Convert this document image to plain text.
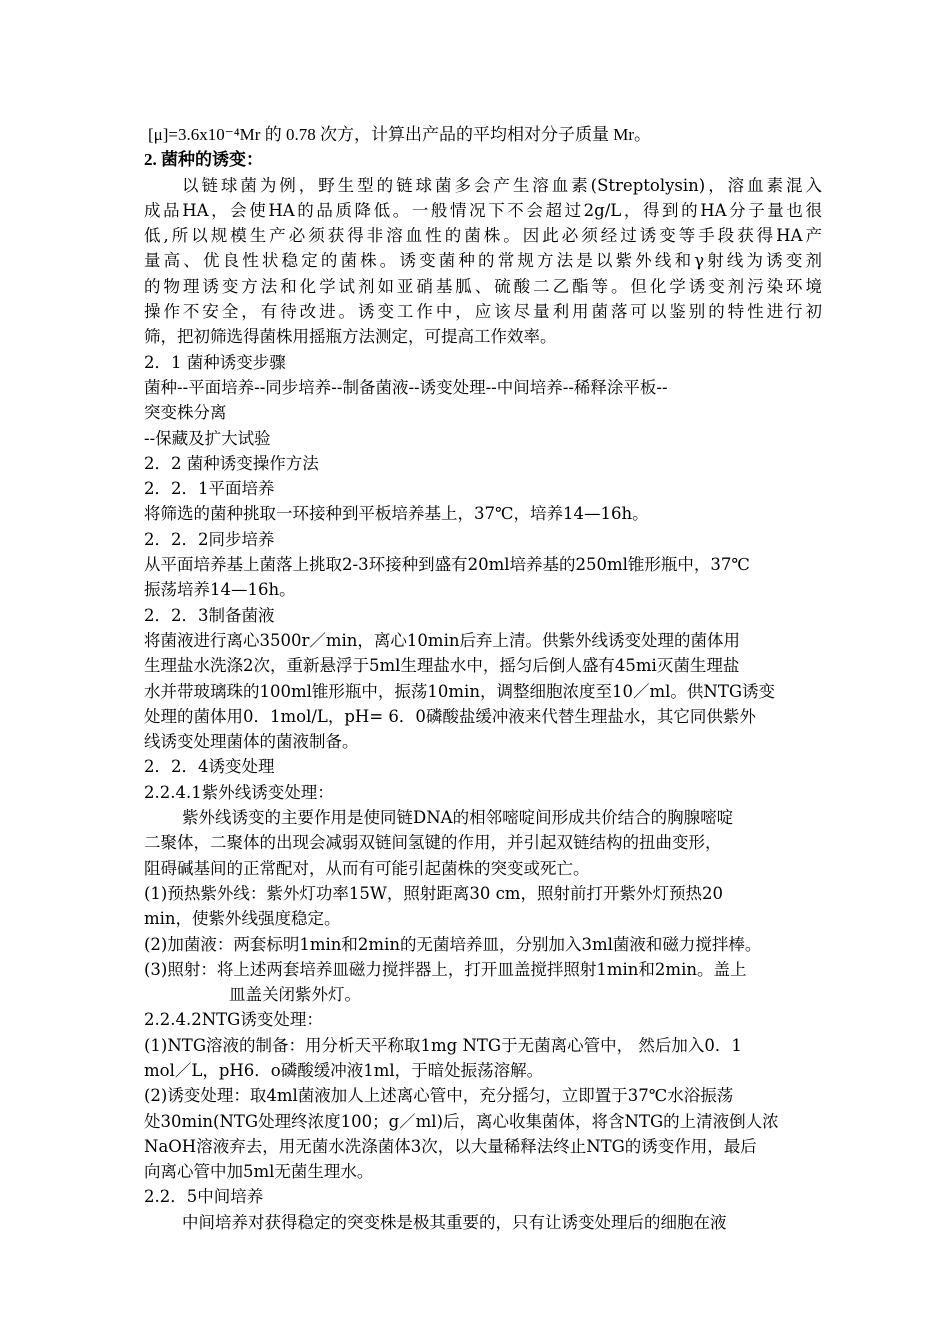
[μ]=3.6x10⁻⁴Mr 的 0.78 次方，计算出产品的平均相对分子质量 Mr。

2. 菌种的诱变：

以链球菌为例，野生型的链球菌多会产生溶血素(Streptolysin)，溶血素混入

成品HA，会使HA的品质降低。一般情况下不会超过2g/L，得到的HA分子量也很

低,所以规模生产必须获得非溶血性的菌株。因此必须经过诱变等手段获得HA产

量高、优良性状稳定的菌株。诱变菌种的常规方法是以紫外线和γ射线为诱变剂

的物理诱变方法和化学试剂如亚硝基胍、硫酸二乙酯等。但化学诱变剂污染环境

操作不安全，有待改进。诱变工作中，应该尽量利用菌落可以鉴别的特性进行初

筛，把初筛选得菌株用摇瓶方法测定，可提高工作效率。

2．1 菌种诱变步骤

菌种--平面培养--同步培养--制备菌液--诱变处理--中间培养--稀释涂平板--

突变株分离

--保藏及扩大试验

2．2 菌种诱变操作方法

2．2．1平面培养

将筛选的菌种挑取一环接种到平板培养基上，37℃，培养14—16h。

2．2．2同步培养

从平面培养基上菌落上挑取2-3环接种到盛有20ml培养基的250ml锥形瓶中，37℃

振荡培养14—16h。

2．2．3制备菌液

将菌液进行离心3500r／min，离心10min后弃上清。供紫外线诱变处理的菌体用

生理盐水洗涤2次，重新悬浮于5ml生理盐水中，摇匀后倒人盛有45mi灭菌生理盐

水并带玻璃珠的100ml锥形瓶中，振荡10min，调整细胞浓度至10／ml。供NTG诱变

处理的菌体用0．1mol/L，pH= 6．0磷酸盐缓冲液来代替生理盐水，其它同供紫外

线诱变处理菌体的菌液制备。

2．2．4诱变处理

2.2.4.1紫外线诱变处理：

紫外线诱变的主要作用是使同链DNA的相邻嘧啶间形成共价结合的胸腺嘧啶

二聚体，二聚体的出现会减弱双链间氢键的作用，并引起双链结构的扭曲变形，

阻碍碱基间的正常配对，从而有可能引起菌株的突变或死亡。

(1)预热紫外线：紫外灯功率15W，照射距离30 cm，照射前打开紫外灯预热20

min，使紫外线强度稳定。

(2)加菌液：两套标明1min和2min的无菌培养皿，分别加入3ml菌液和磁力搅拌棒。

(3)照射：将上述两套培养皿磁力搅拌器上，打开皿盖搅拌照射1min和2min。盖上

皿盖关闭紫外灯。

2.2.4.2NTG诱变处理：

(1)NTG溶液的制备：用分析天平称取1mg NTG于无菌离心管中， 然后加入0．1

mol／L，pH6．o磷酸缓冲液1ml，于暗处振荡溶解。

(2)诱变处理：取4ml菌液加人上述离心管中，充分摇匀，立即置于37℃水浴振荡

处30min(NTG处理终浓度100；g／ml)后，离心收集菌体，将含NTG的上清液倒人浓

NaOH溶液弃去，用无菌水洗涤菌体3次，以大量稀释法终止NTG的诱变作用，最后

向离心管中加5ml无菌生理水。

2.2．5中间培养

中间培养对获得稳定的突变株是极其重要的，只有让诱变处理后的细胞在液
